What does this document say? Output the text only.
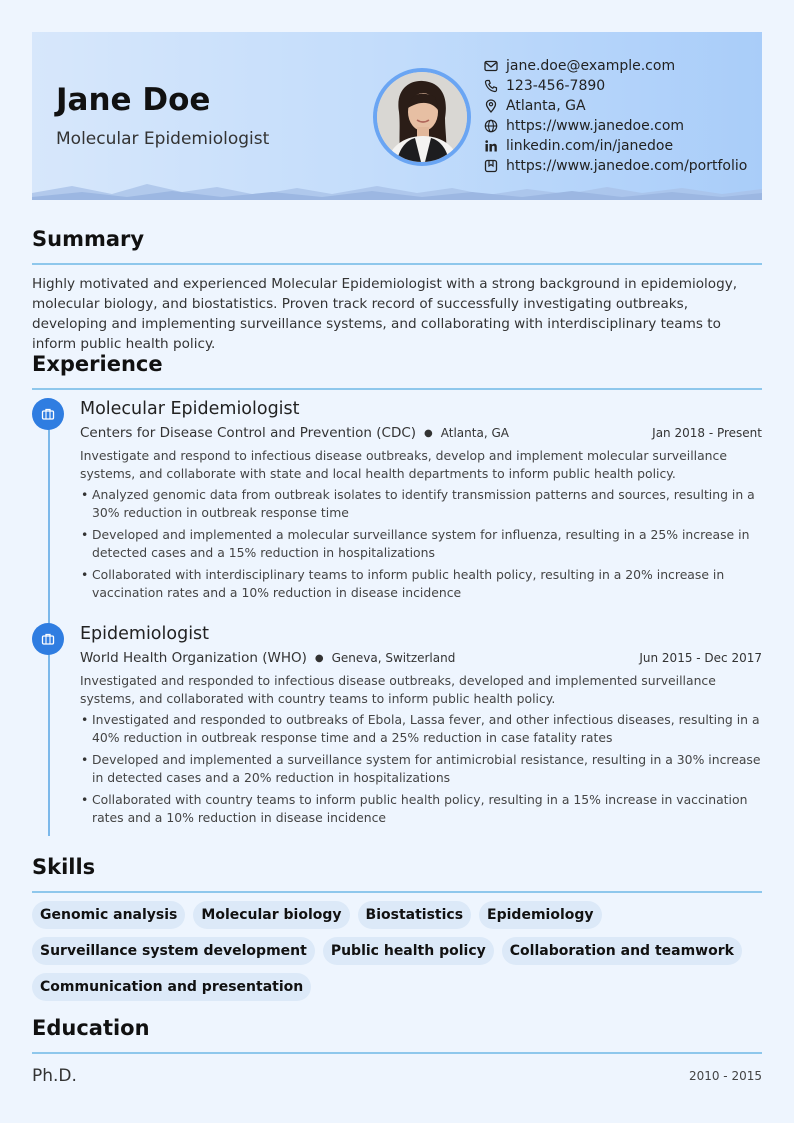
Jane Doe
Molecular Epidemiologist
jane.doe@example.com
123-456-7890
Atlanta, GA
https://www.janedoe.com
linkedin.com/in/janedoe
https://www.janedoe.com/portfolio
Summary
Highly motivated and experienced Molecular Epidemiologist with a strong background in epidemiology, molecular biology, and biostatistics. Proven track record of successfully investigating outbreaks, developing and implementing surveillance systems, and collaborating with interdisciplinary teams to inform public health policy.
Experience
Molecular Epidemiologist
Centers for Disease Control and Prevention (CDC) ● Atlanta, GA	Jan 2018 - Present
Investigate and respond to infectious disease outbreaks, develop and implement molecular surveillance systems, and collaborate with state and local health departments to inform public health policy.
• Analyzed genomic data from outbreak isolates to identify transmission patterns and sources, resulting in a 30% reduction in outbreak response time
• Developed and implemented a molecular surveillance system for influenza, resulting in a 25% increase in detected cases and a 15% reduction in hospitalizations
• Collaborated with interdisciplinary teams to inform public health policy, resulting in a 20% increase in vaccination rates and a 10% reduction in disease incidence
Epidemiologist
World Health Organization (WHO) ● Geneva, Switzerland	Jun 2015 - Dec 2017
Investigated and responded to infectious disease outbreaks, developed and implemented surveillance systems, and collaborated with country teams to inform public health policy.
• Investigated and responded to outbreaks of Ebola, Lassa fever, and other infectious diseases, resulting in a 40% reduction in outbreak response time and a 25% reduction in case fatality rates
• Developed and implemented a surveillance system for antimicrobial resistance, resulting in a 30% increase in detected cases and a 20% reduction in hospitalizations
• Collaborated with country teams to inform public health policy, resulting in a 15% increase in vaccination rates and a 10% reduction in disease incidence
Skills
Genomic analysis Molecular biology Biostatistics Epidemiology
Surveillance system development Public health policy Collaboration and teamwork
Communication and presentation
Education
Ph.D.	2010 - 2015
